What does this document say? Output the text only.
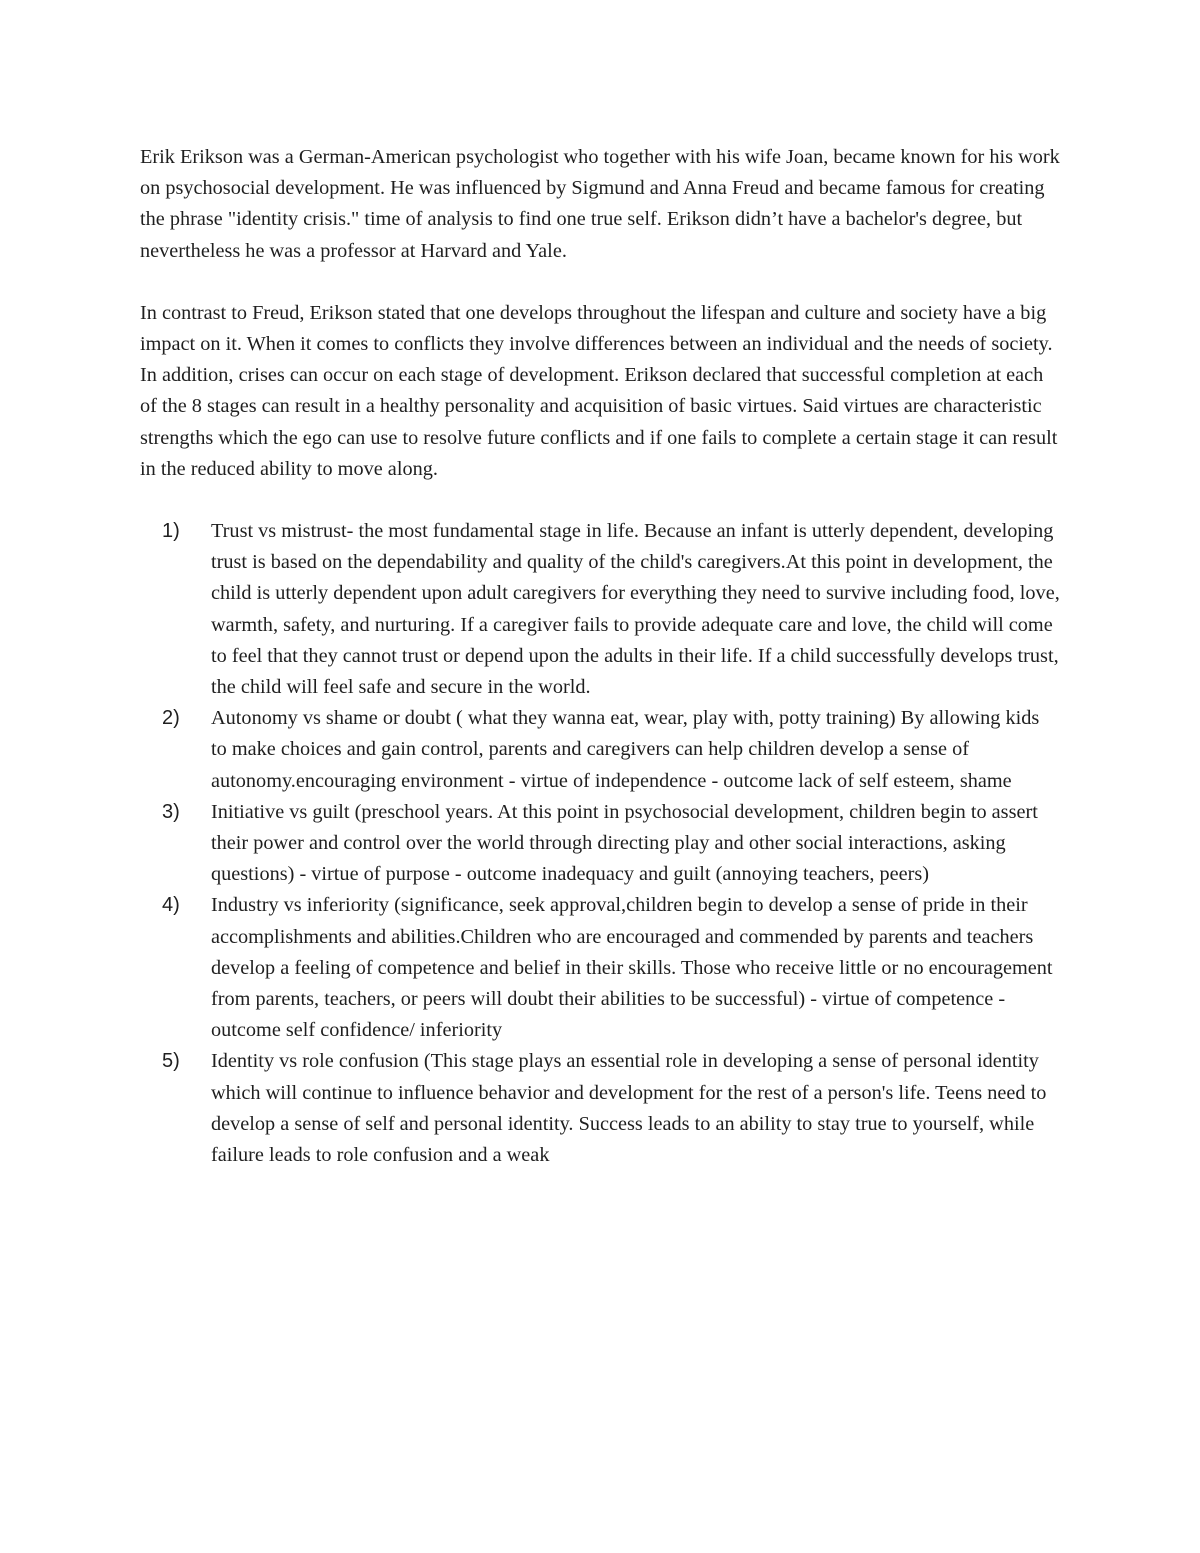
Erik Erikson was a German-American psychologist who together with his wife Joan, became known for his work on psychosocial development. He was influenced by Sigmund and Anna Freud and became famous for creating the phrase "identity crisis." time of analysis to find one true self. Erikson didn’t have a bachelor's degree, but nevertheless he was a professor at Harvard and Yale.

In contrast to Freud, Erikson stated that one develops throughout the lifespan and culture and society have a big impact on it. When it comes to conflicts they involve differences between an individual and the needs of society. In addition, crises can occur on each stage of development. Erikson declared that successful completion at each of the 8 stages can result in a healthy personality and acquisition of basic virtues. Said virtues are characteristic strengths which the ego can use to resolve future conflicts and if one fails to complete a certain stage it can result in the reduced ability to move along.

1) Trust vs mistrust- the most fundamental stage in life. Because an infant is utterly dependent, developing trust is based on the dependability and quality of the child's caregivers.At this point in development, the child is utterly dependent upon adult caregivers for everything they need to survive including food, love, warmth, safety, and nurturing. If a caregiver fails to provide adequate care and love, the child will come to feel that they cannot trust or depend upon the adults in their life. If a child successfully develops trust, the child will feel safe and secure in the world.
2) Autonomy vs shame or doubt ( what they wanna eat, wear, play with, potty training) By allowing kids to make choices and gain control, parents and caregivers can help children develop a sense of autonomy.encouraging environment - virtue of independence - outcome lack of self esteem, shame
3) Initiative vs guilt (preschool years. At this point in psychosocial development, children begin to assert their power and control over the world through directing play and other social interactions, asking questions) - virtue of purpose - outcome inadequacy and guilt (annoying teachers, peers)
4) Industry vs inferiority (significance, seek approval,children begin to develop a sense of pride in their accomplishments and abilities.Children who are encouraged and commended by parents and teachers develop a feeling of competence and belief in their skills. Those who receive little or no encouragement from parents, teachers, or peers will doubt their abilities to be successful) - virtue of competence - outcome self confidence/ inferiority
5) Identity vs role confusion (This stage plays an essential role in developing a sense of personal identity which will continue to influence behavior and development for the rest of a person's life. Teens need to develop a sense of self and personal identity. Success leads to an ability to stay true to yourself, while failure leads to role confusion and a weak
